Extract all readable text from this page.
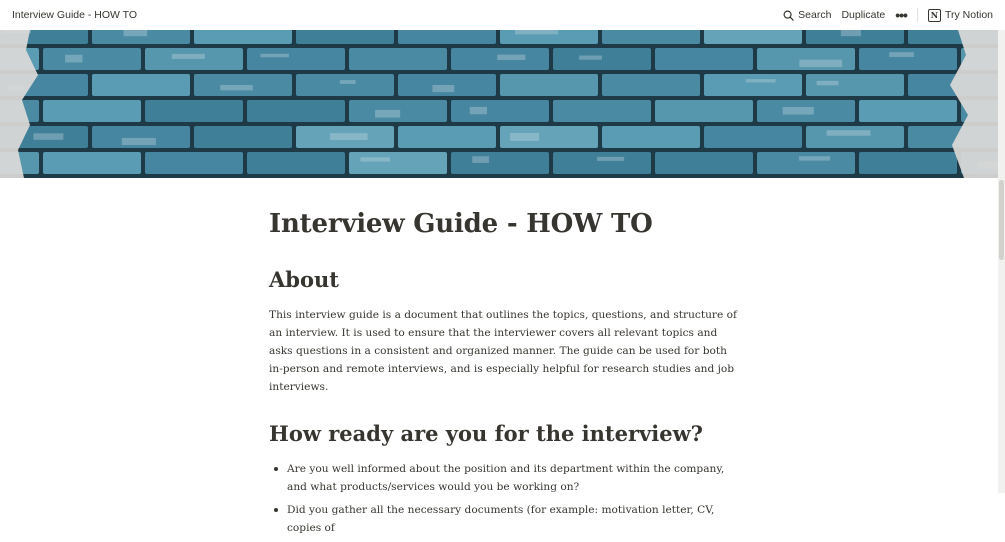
Interview Guide - HOW TO	Search Duplicate •••	N Try Notion
Interview Guide - HOW TO
About

This interview guide is a document that outlines the topics, questions, and structure of an interview. It is used to ensure that the interviewer covers all relevant topics and asks questions in a consistent and organized manner. The guide can be used for both in-person and remote interviews, and is especially helpful for research studies and job interviews.

How ready are you for the interview?
Are you well informed about the position and its department within the company, and what products/services would you be working on?
Did you gather all the necessary documents (for example: motivation letter, CV, copies of
